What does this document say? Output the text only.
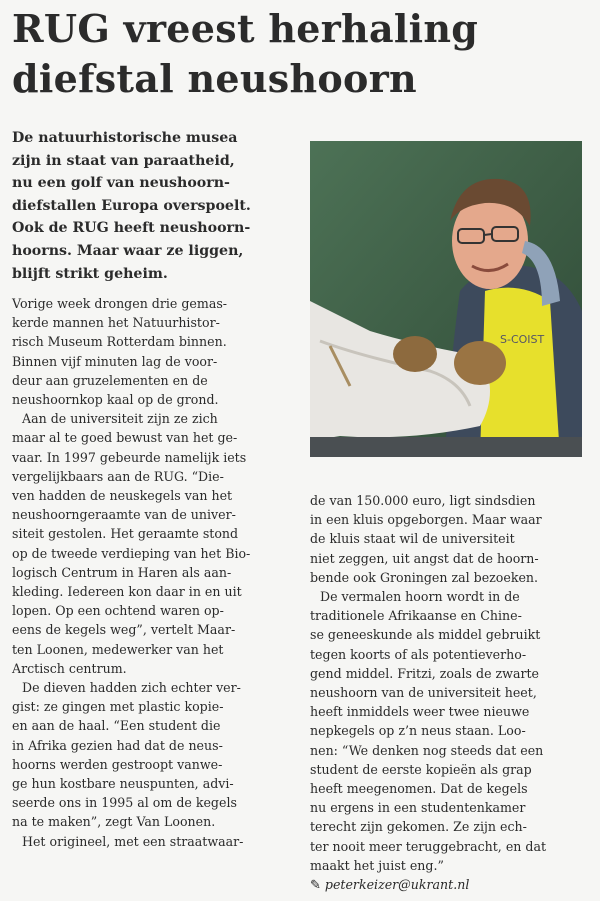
RUG vreest herhaling
diefstal neushoorn
De natuurhistorische musea
zijn in staat van paraatheid,
nu een golf van neushoorn-
diefstallen Europa overspoelt.
Ook de RUG heeft neushoorn-
hoorns. Maar waar ze liggen,
blijft strikt geheim.
S-COIST
Vorige week drongen drie gemas-
kerde mannen het Natuurhistor-
risch Museum Rotterdam binnen.
Binnen vijf minuten lag de voor-
deur aan gruzelementen en de
neushoornkop kaal op de grond.
Aan de universiteit zijn ze zich
maar al te goed bewust van het ge-
vaar. In 1997 gebeurde namelijk iets
vergelijkbaars aan de RUG. “Die-
ven hadden de neuskegels van het
neushoorngeraamte van de univer-
siteit gestolen. Het geraamte stond
op de tweede verdieping van het Bio-
logisch Centrum in Haren als aan-
kleding. Iedereen kon daar in en uit
lopen. Op een ochtend waren op-
eens de kegels weg”, vertelt Maar-
ten Loonen, medewerker van het
Arctisch centrum.
De dieven hadden zich echter ver-
gist: ze gingen met plastic kopie-
en aan de haal. “Een student die
in Afrika gezien had dat de neus-
hoorns werden gestroopt vanwe-
ge hun kostbare neuspunten, advi-
seerde ons in 1995 al om de kegels
na te maken”, zegt Van Loonen.
Het origineel, met een straatwaar-
de van 150.000 euro, ligt sindsdien
in een kluis opgeborgen. Maar waar
de kluis staat wil de universiteit
niet zeggen, uit angst dat de hoorn-
bende ook Groningen zal bezoeken.
De vermalen hoorn wordt in de
traditionele Afrikaanse en Chine-
se geneeskunde als middel gebruikt
tegen koorts of als potentieverho-
gend middel. Fritzi, zoals de zwarte
neushoorn van de universiteit heet,
heeft inmiddels weer twee nieuwe
nepkegels op z’n neus staan. Loo-
nen: “We denken nog steeds dat een
student de eerste kopieën als grap
heeft meegenomen. Dat de kegels
nu ergens in een studentenkamer
terecht zijn gekomen. Ze zijn ech-
ter nooit meer teruggebracht, en dat
maakt het juist eng.”
✎ peterkeizer@ukrant.nl
